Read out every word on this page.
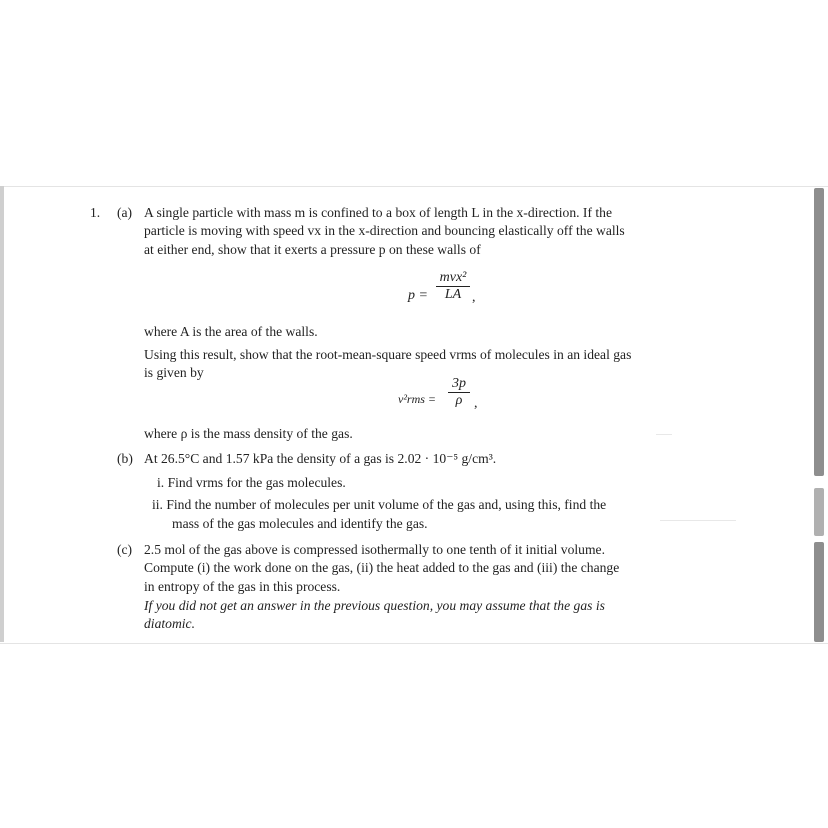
1. (a) A single particle with mass m is confined to a box of length L in the x-direction. If the
particle is moving with speed vx in the x-direction and bouncing elastically off the walls
at either end, show that it exerts a pressure p on these walls of
p =
mvx²
LA ,
where A is the area of the walls.
Using this result, show that the root-mean-square speed vrms of molecules in an ideal gas
is given by
$v^2rms = \frac{3p}{\rho}$ ,
where ρ is the mass density of the gas.
(b) At 26.5°C and 1.57 kPa the density of a gas is 2.02 · 10⁻⁵ g/cm³.
i. Find vrms for the gas molecules.
ii. Find the number of molecules per unit volume of the gas and, using this, find the
mass of the gas molecules and identify the gas.
(c) 2.5 mol of the gas above is compressed isothermally to one tenth of it initial volume.
Compute (i) the work done on the gas, (ii) the heat added to the gas and (iii) the change
in entropy of the gas in this process.
If you did not get an answer in the previous question, you may assume that the gas is
diatomic.
